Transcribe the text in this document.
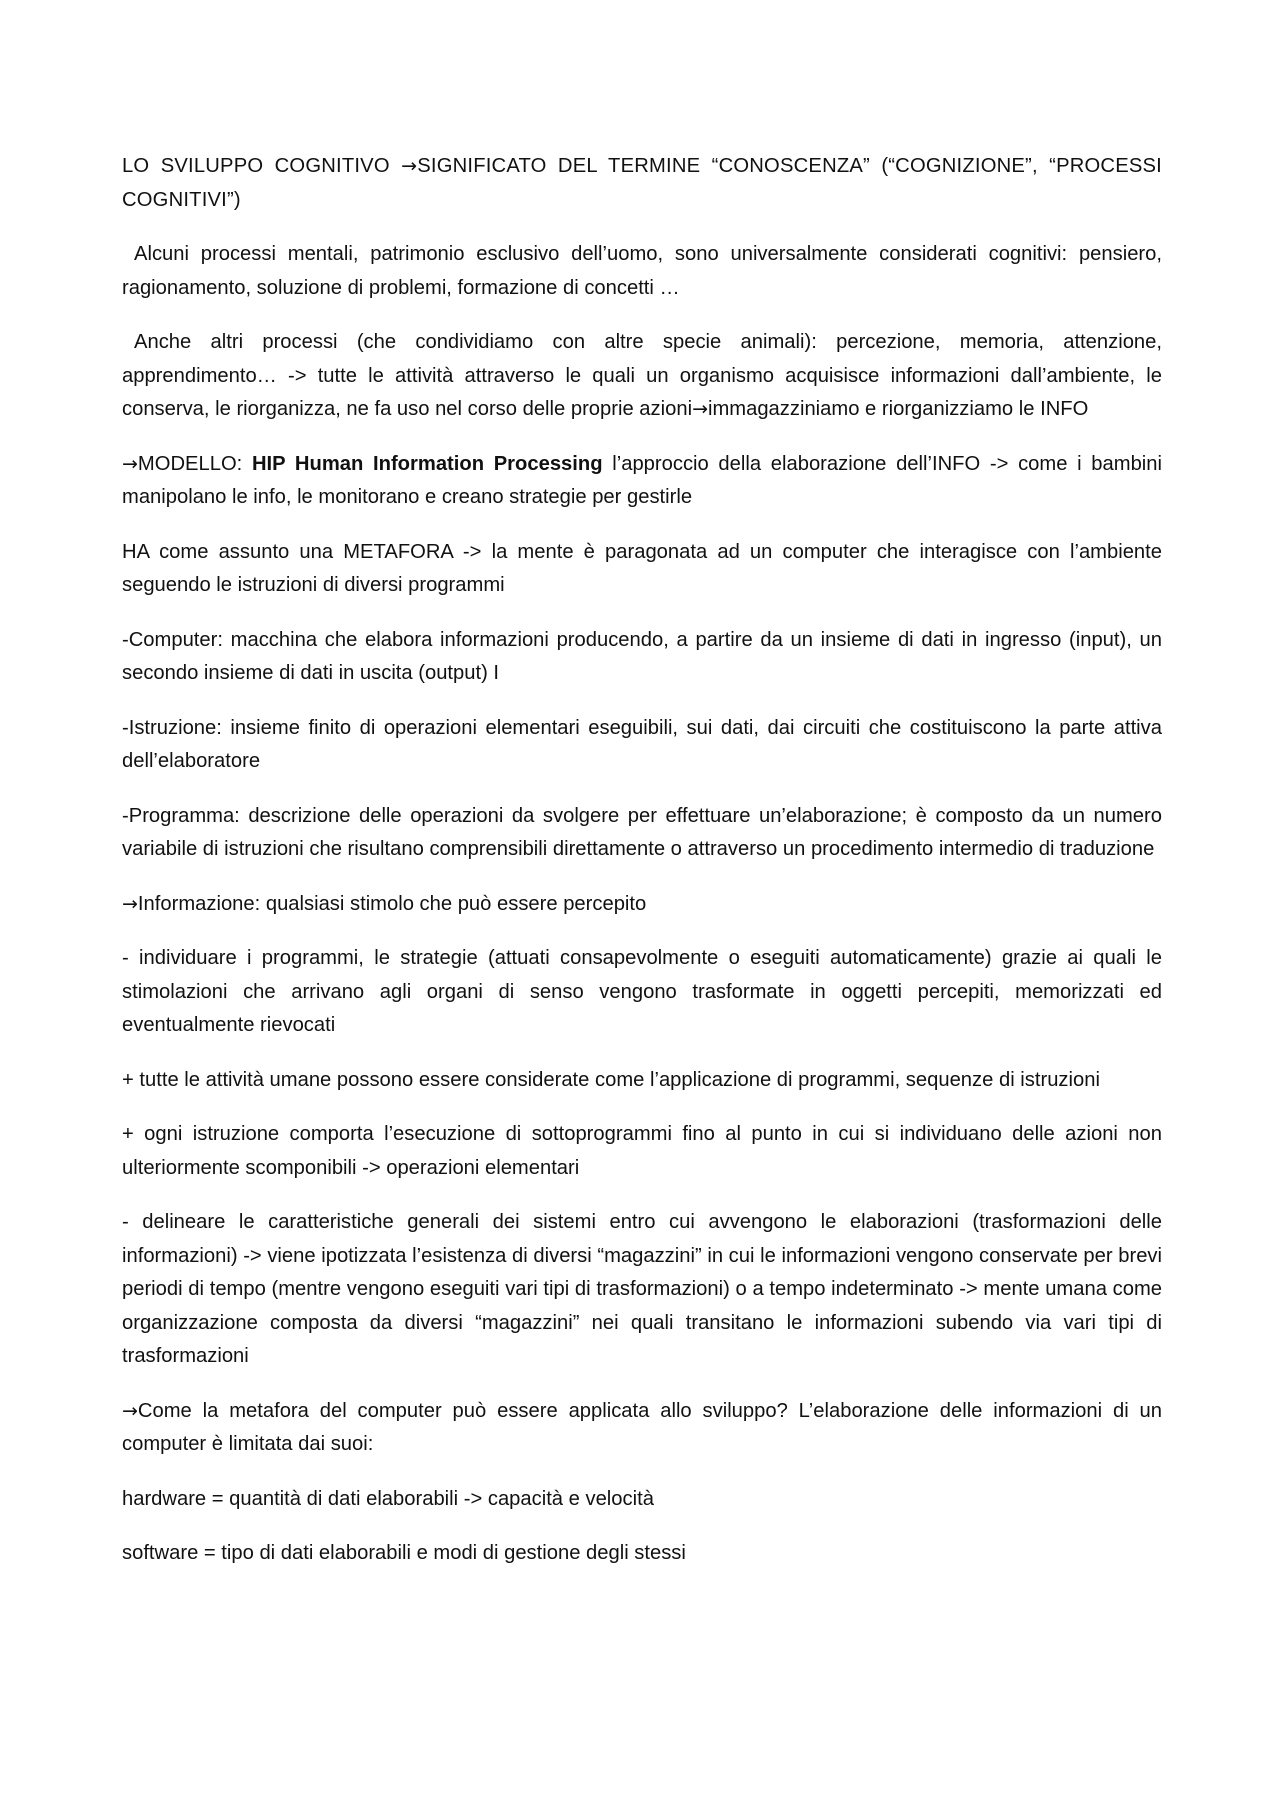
LO SVILUPPO COGNITIVO →SIGNIFICATO DEL TERMINE “CONOSCENZA” (“COGNIZIONE”, “PROCESSI COGNITIVI”)

Alcuni processi mentali, patrimonio esclusivo dell’uomo, sono universalmente considerati cognitivi: pensiero, ragionamento, soluzione di problemi, formazione di concetti …

Anche altri processi (che condividiamo con altre specie animali): percezione, memoria, attenzione, apprendimento… -> tutte le attività attraverso le quali un organismo acquisisce informazioni dall’ambiente, le conserva, le riorganizza, ne fa uso nel corso delle proprie azioni→immagazziniamo e riorganizziamo le INFO

→MODELLO: HIP Human Information Processing l’approccio della elaborazione dell’INFO -> come i bambini manipolano le info, le monitorano e creano strategie per gestirle

HA come assunto una METAFORA -> la mente è paragonata ad un computer che interagisce con l’ambiente seguendo le istruzioni di diversi programmi

-Computer: macchina che elabora informazioni producendo, a partire da un insieme di dati in ingresso (input), un secondo insieme di dati in uscita (output) I

-Istruzione: insieme finito di operazioni elementari eseguibili, sui dati, dai circuiti che costituiscono la parte attiva dell’elaboratore

-Programma: descrizione delle operazioni da svolgere per effettuare un’elaborazione; è composto da un numero variabile di istruzioni che risultano comprensibili direttamente o attraverso un procedimento intermedio di traduzione

→Informazione: qualsiasi stimolo che può essere percepito

- individuare i programmi, le strategie (attuati consapevolmente o eseguiti automaticamente) grazie ai quali le stimolazioni che arrivano agli organi di senso vengono trasformate in oggetti percepiti, memorizzati ed eventualmente rievocati

+ tutte le attività umane possono essere considerate come l’applicazione di programmi, sequenze di istruzioni

+ ogni istruzione comporta l’esecuzione di sottoprogrammi fino al punto in cui si individuano delle azioni non ulteriormente scomponibili -> operazioni elementari

- delineare le caratteristiche generali dei sistemi entro cui avvengono le elaborazioni (trasformazioni delle informazioni) -> viene ipotizzata l’esistenza di diversi “magazzini” in cui le informazioni vengono conservate per brevi periodi di tempo (mentre vengono eseguiti vari tipi di trasformazioni) o a tempo indeterminato -> mente umana come organizzazione composta da diversi “magazzini” nei quali transitano le informazioni subendo via vari tipi di trasformazioni

→Come la metafora del computer può essere applicata allo sviluppo? L’elaborazione delle informazioni di un computer è limitata dai suoi:

hardware = quantità di dati elaborabili -> capacità e velocità

software = tipo di dati elaborabili e modi di gestione degli stessi
